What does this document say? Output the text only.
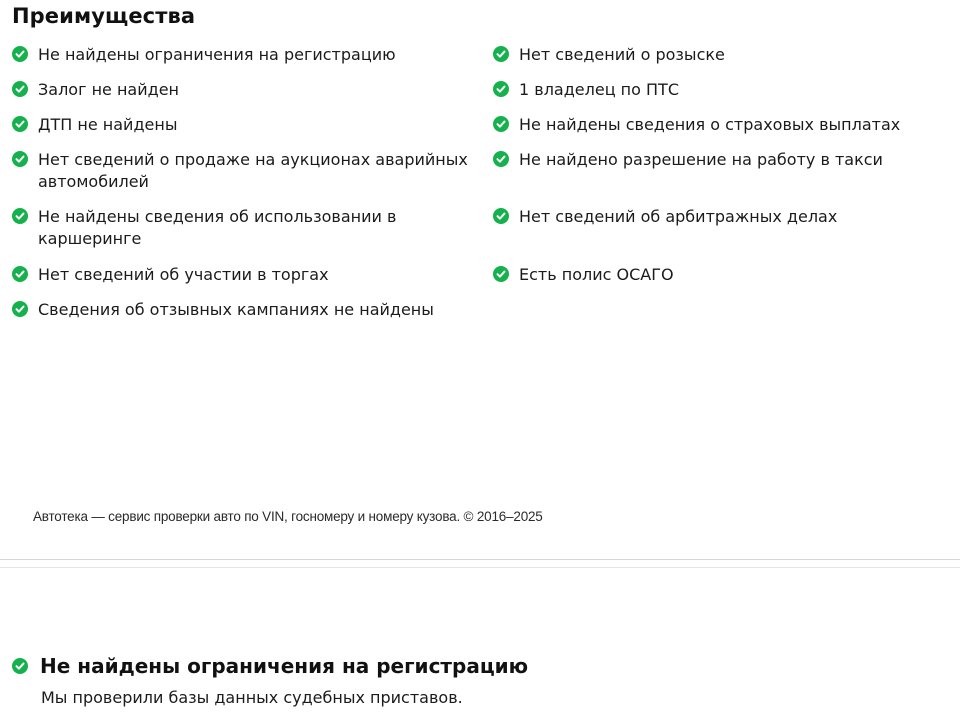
Преимущества
Не найдены ограничения на регистрацию
Залог не найден
ДТП не найдены
Нет сведений о продаже на аукционах аварийных автомобилей
Не найдены сведения об использовании в каршеринге
Нет сведений об участии в торгах
Сведения об отзывных кампаниях не найдены
Нет сведений о розыске
1 владелец по ПТС
Не найдены сведения о страховых выплатах
Не найдено разрешение на работу в такси
Нет сведений об арбитражных делах
Есть полис ОСАГО
Автотека — сервис проверки авто по VIN, госномеру и номеру кузова. © 2016–2025
Не найдены ограничения на регистрацию
Мы проверили базы данных судебных приставов.
